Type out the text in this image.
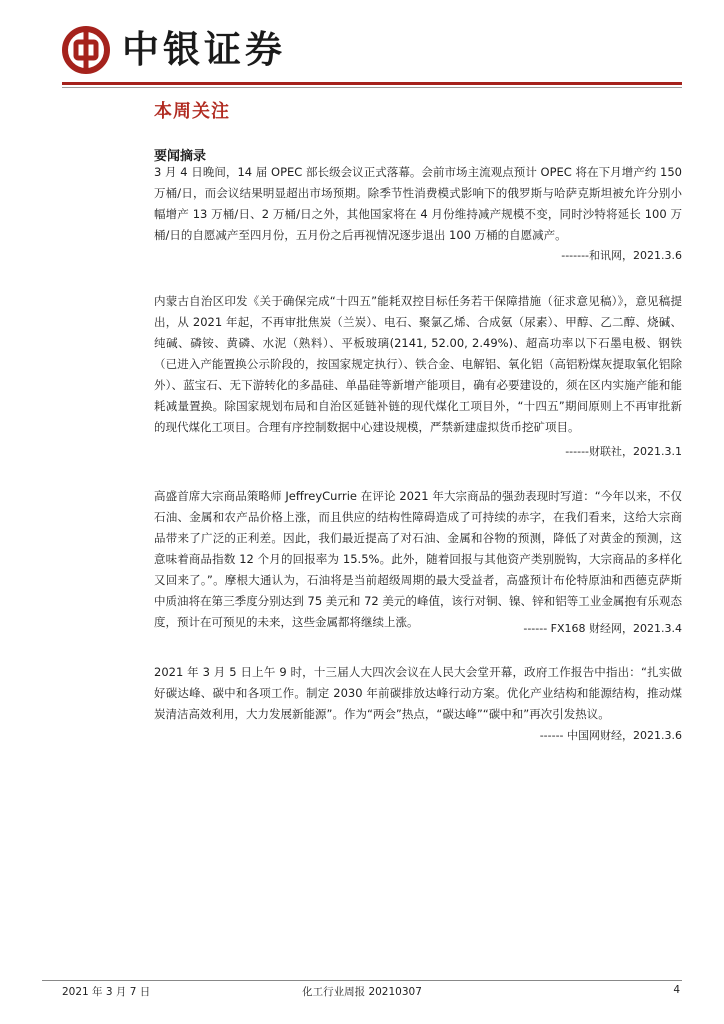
中银证券
本周关注
要闻摘录

3 月 4 日晚间，14 届 OPEC 部长级会议正式落幕。会前市场主流观点预计 OPEC 将在下月增产约 150 万桶/日，而会议结果明显超出市场预期。除季节性消费模式影响下的俄罗斯与哈萨克斯坦被允许分别小幅增产 13 万桶/日、2 万桶/日之外，其他国家将在 4 月份维持减产规模不变，同时沙特将延长 100 万桶/日的自愿减产至四月份，五月份之后再视情况逐步退出 100 万桶的自愿减产。

-------和讯网，2021.3.6

内蒙古自治区印发《关于确保完成“十四五”能耗双控目标任务若干保障措施（征求意见稿）》，意见稿提出，从 2021 年起，不再审批焦炭（兰炭）、电石、聚氯乙烯、合成氨（尿素）、甲醇、乙二醇、烧碱、纯碱、磷铵、黄磷、水泥（熟料）、平板玻璃(2141, 52.00, 2.49%)、超高功率以下石墨电极、钢铁（已进入产能置换公示阶段的，按国家规定执行）、铁合金、电解铝、氧化铝（高铝粉煤灰提取氧化铝除外）、蓝宝石、无下游转化的多晶硅、单晶硅等新增产能项目，确有必要建设的，须在区内实施产能和能耗减量置换。除国家规划布局和自治区延链补链的现代煤化工项目外，“十四五”期间原则上不再审批新的现代煤化工项目。合理有序控制数据中心建设规模，严禁新建虚拟货币挖矿项目。

------财联社，2021.3.1

高盛首席大宗商品策略师 JeffreyCurrie 在评论 2021 年大宗商品的强劲表现时写道：“今年以来，不仅石油、金属和农产品价格上涨，而且供应的结构性障碍造成了可持续的赤字，在我们看来，这给大宗商品带来了广泛的正利差。因此，我们最近提高了对石油、金属和谷物的预测，降低了对黄金的预测，这意味着商品指数 12 个月的回报率为 15.5%。此外，随着回报与其他资产类别脱钩，大宗商品的多样化又回来了。”。摩根大通认为，石油将是当前超级周期的最大受益者，高盛预计布伦特原油和西德克萨斯中质油将在第三季度分别达到 75 美元和 72 美元的峰值，该行对铜、镍、锌和铝等工业金属抱有乐观态度，预计在可预见的未来，这些金属都将继续上涨。	------ FX168 财经网，2021.3.4

2021 年 3 月 5 日上午 9 时，十三届人大四次会议在人民大会堂开幕，政府工作报告中指出：“扎实做好碳达峰、碳中和各项工作。制定 2030 年前碳排放达峰行动方案。优化产业结构和能源结构，推动煤炭清洁高效利用，大力发展新能源”。作为“两会”热点，“碳达峰”“碳中和”再次引发热议。

------ 中国网财经，2021.3.6
2021 年 3 月 7 日	化工行业周报 20210307	4
